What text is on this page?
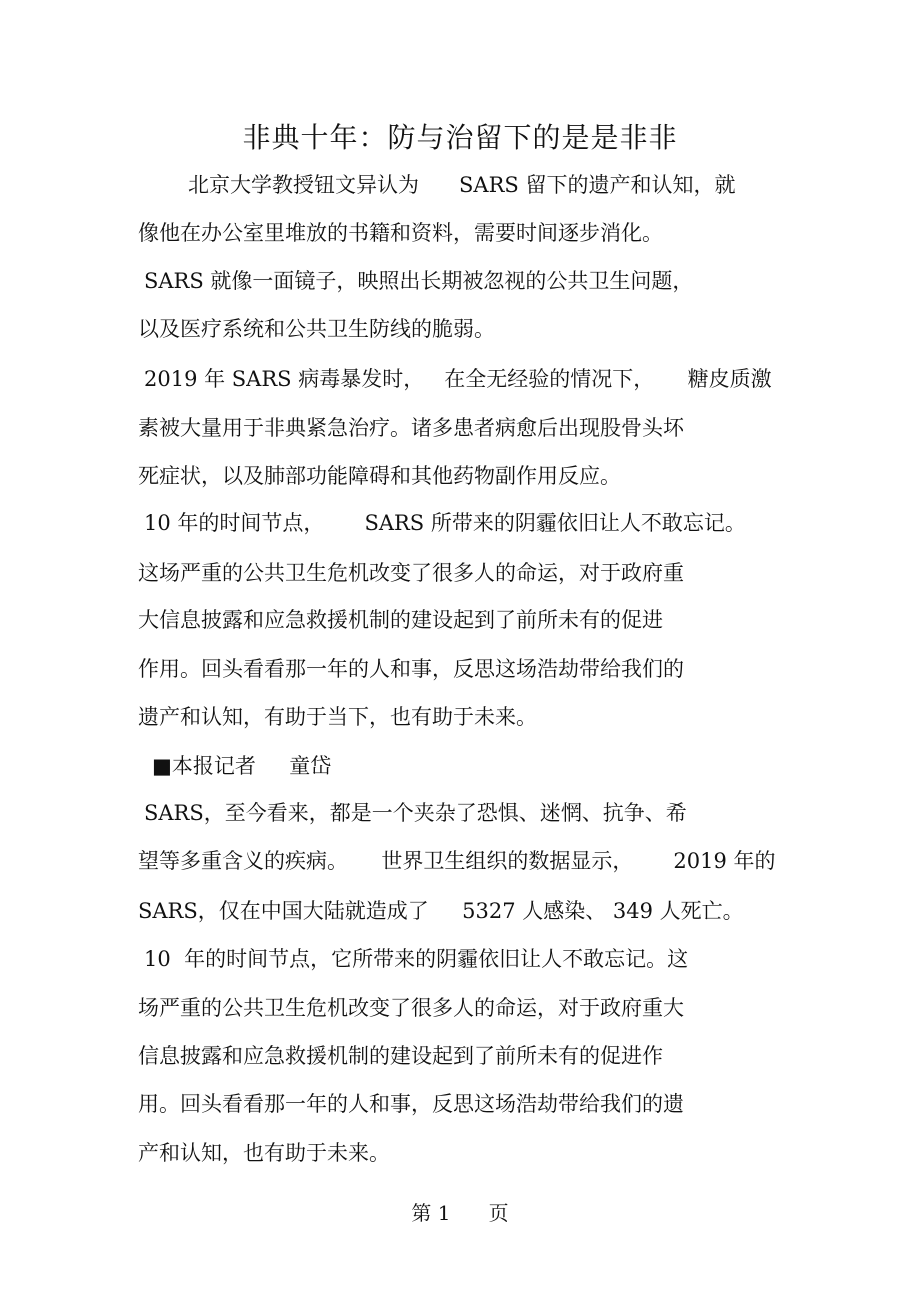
非典十年：防与治留下的是是非非
北京大学教授钮文异认为      SARS 留下的遗产和认知，就
像他在办公室里堆放的书籍和资料，需要时间逐步消化。
SARS 就像一面镜子，映照出长期被忽视的公共卫生问题，
以及医疗系统和公共卫生防线的脆弱。
2019 年 SARS 病毒暴发时，   在全无经验的情况下，     糖皮质激
素被大量用于非典紧急治疗。诸多患者病愈后出现股骨头坏
死症状，以及肺部功能障碍和其他药物副作用反应。
10 年的时间节点，      SARS 所带来的阴霾依旧让人不敢忘记。
这场严重的公共卫生危机改变了很多人的命运，对于政府重
大信息披露和应急救援机制的建设起到了前所未有的促进
作用。回头看看那一年的人和事，反思这场浩劫带给我们的
遗产和认知，有助于当下，也有助于未来。
■本报记者     童岱
SARS，至今看来，都是一个夹杂了恐惧、迷惘、抗争、希
望等多重含义的疾病。     世界卫生组织的数据显示，      2019 年的
SARS，仅在中国大陆就造成了     5327 人感染、 349 人死亡。
10  年的时间节点，它所带来的阴霾依旧让人不敢忘记。这
场严重的公共卫生危机改变了很多人的命运，对于政府重大
信息披露和应急救援机制的建设起到了前所未有的促进作
用。回头看看那一年的人和事，反思这场浩劫带给我们的遗
产和认知，也有助于未来。
第 1      页
